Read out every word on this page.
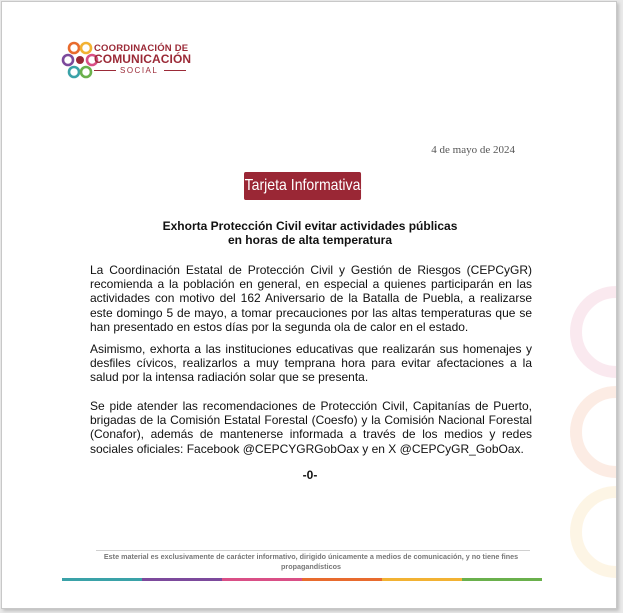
COORDINACIÓN DE
COMUNICACIÓN
SOCIAL
4 de mayo de 2024
Tarjeta Informativa
Exhorta Protección Civil evitar actividades públicas
en horas de alta temperatura

La Coordinación Estatal de Protección Civil y Gestión de Riesgos (CEPCyGR) recomienda a la población en general, en especial a quienes participarán en las actividades con motivo del 162 Aniversario de la Batalla de Puebla, a realizarse este domingo 5 de mayo, a tomar precauciones por las altas temperaturas que se han presentado en estos días por la segunda ola de calor en el estado.

Asimismo, exhorta a las instituciones educativas que realizarán sus homenajes y desfiles cívicos, realizarlos a muy temprana hora para evitar afectaciones a la salud por la intensa radiación solar que se presenta.

Se pide atender las recomendaciones de Protección Civil, Capitanías de Puerto, brigadas de la Comisión Estatal Forestal (Coesfo) y la Comisión Nacional Forestal (Conafor), además de mantenerse informada a través de los medios y redes sociales oficiales: Facebook @CEPCYGRGobOax y en X @CEPCyGR_GobOax.

-0-
Este material es exclusivamente de carácter informativo, dirigido únicamente a medios de comunicación, y no tiene fines propagandísticos
